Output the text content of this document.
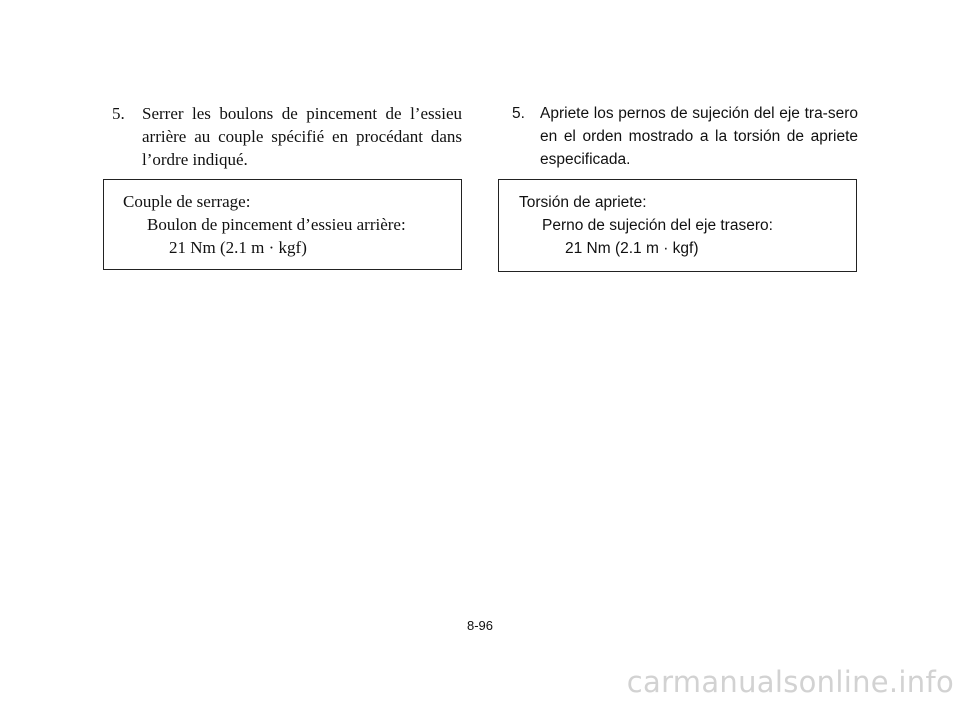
5.	Serrer les boulons de pincement de l’essieu arrière au couple spécifié en procédant dans l’ordre indiqué.
Couple de serrage:
Boulon de pincement d’essieu arrière:
21 Nm (2.1 m · kgf)
5. Apriete los pernos de sujeción del eje tra-sero en el orden mostrado a la torsión de apriete especificada.
Torsión de apriete:
Perno de sujeción del eje trasero:
21 Nm (2.1 m · kgf)
8-96
carmanualsonline.info
